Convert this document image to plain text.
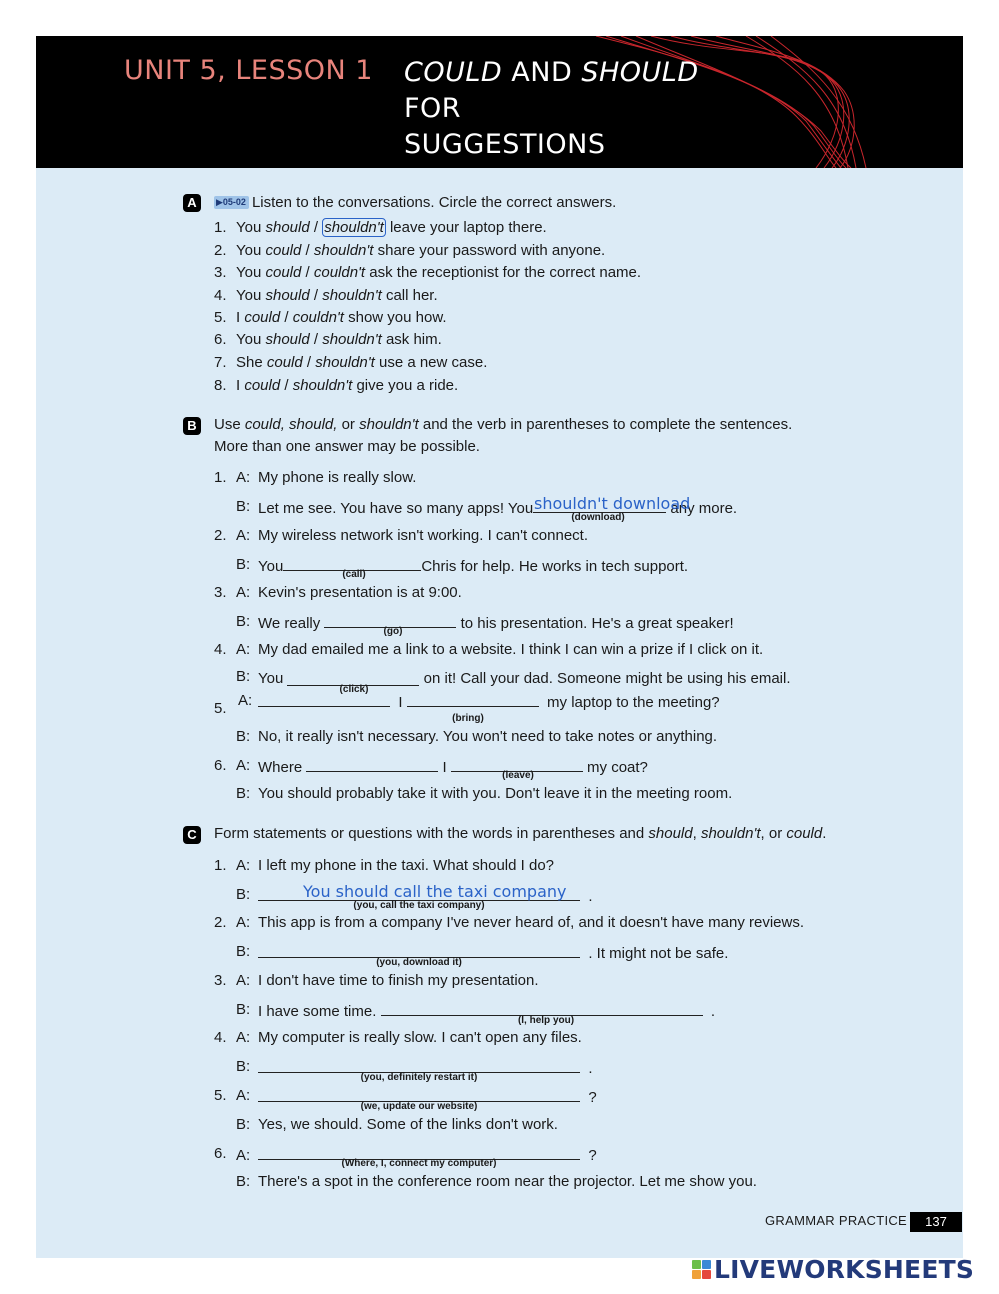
UNIT 5, LESSON 1 COULD AND SHOULD FOR
SUGGESTIONS
A	▶05-02 Listen to the conversations. Circle the correct answers.
1. You should / shouldn't leave your laptop there.
2. You could / shouldn't share your password with anyone.
3. You could / couldn't ask the receptionist for the correct name.
4. You should / shouldn't call her.
5. I could / couldn't show you how.
6. You should / shouldn't ask him.
7. She could / shouldn't use a new case.
8. I could / shouldn't give you a ride.
B Use could, should, or shouldn't and the verb in parentheses to complete the sentences.
More than one answer may be possible.
1. A: My phone is really slow.
B: Let me see. You have so many apps! You	any more.
shouldn't download
(download)
2. A: My wireless network isn't working. I can't connect.
B: You	Chris for help. He works in tech support.
(call)
3. A: Kevin's presentation is at 9:00.
B: We really	to his presentation. He's a great speaker!
(go)
4. A: My dad emailed me a link to a website. I think I can win a prize if I click on it.
B: You	on it! Call your dad. Someone might be using his email.
(click)
5. A:	I	my laptop to the meeting?
(bring)
B: No, it really isn't necessary. You won't need to take notes or anything.
6. A: Where	I	my coat?
(leave)
B: You should probably take it with you. Don't leave it in the meeting room.
C Form statements or questions with the words in parentheses and should, shouldn't, or could.
1. A: I left my phone in the taxi. What should I do?
B:	.
You should call the taxi company
(you, call the taxi company)
2. A: This app is from a company I've never heard of, and it doesn't have many reviews.
B:	. It might not be safe.
(you, download it)
3. A: I don't have time to finish my presentation.
B: I have some time.	.
(I, help you)
4. A: My computer is really slow. I can't open any files.
B:	.
(you, definitely restart it)
5. A:	?
(we, update our website)
B: Yes, we should. Some of the links don't work.
6. A:	?
(Where, I, connect my computer)
B: There's a spot in the conference room near the projector. Let me show you.
GRAMMAR PRACTICE	137
LIVEWORKSHEETS
